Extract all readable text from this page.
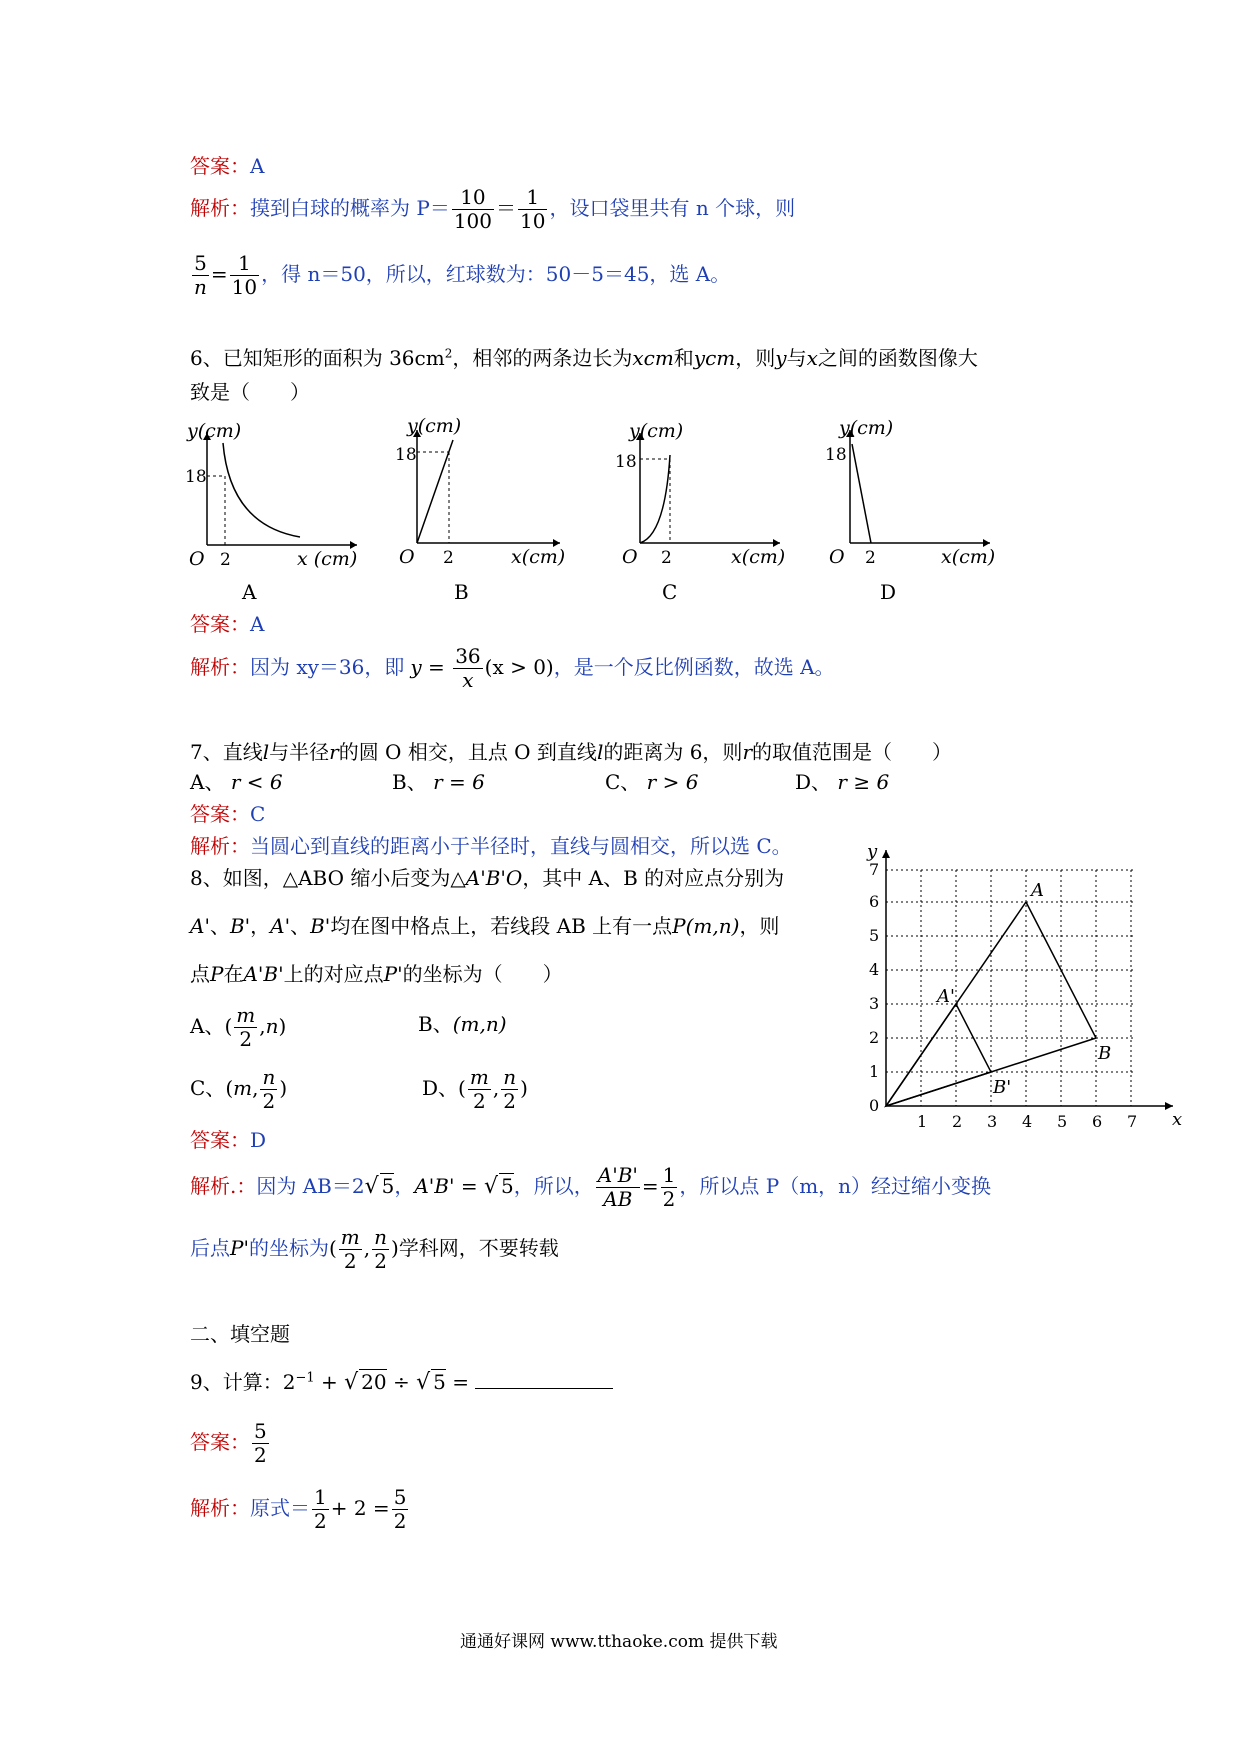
答案：A
解析：摸到白球的概率为 $P= \frac{10}{100} = \frac{1}{10}$ ，设口袋里共有 n 个球，则
$\frac{5}{n} = \frac{1}{10}$ ，得 n＝50，所以，红球数为：50－5＝45，选 A。
6、已知矩形的面积为 $36cm^2$，相邻的两条边长为xcm和ycm，则y与x之间的函数图像大
致是（　　）
y(cm)
18
O 2	x (cm)
A
y(cm)
18
O 2	x(cm)
B
y(cm)
18
O 2	x(cm)
C
y(cm)
18
O 2	x(cm)
D
答案：A
解析：因为 xy＝36，即 $y = \frac{36}{x} (x > 0)$，是一个反比例函数，故选 A。
7、直线l与半径r的圆 O 相交，且点 O 到直线l的距离为 6，则r的取值范围是（　　）
A、 r < 6	B、 r = 6	C、 r > 6	D、 r ≥ 6
答案：C
解析：当圆心到直线的距离小于半径时，直线与圆相交，所以选 C。
8、如图，△ABO 缩小后变为△A'B'O，其中 A、B 的对应点分别为
A'、B'，A'、B'均在图中格点上，若线段 AB 上有一点P(m,n)，则
点P在A'B'上的对应点P'的坐标为（　　）
A、( $\frac{m}{2} ,n$)	B、(m,n)
C、(m, $\frac{n}{2}$ )	D、( $\frac{m}{2}$ , $\frac{n}{2}$ )
y
x
0
1 2 3 4 5 6 7
1
2
3
4
5
6
7
A
B
A'
B'
答案：D
解析.：因为 AB＝2√ 5，A'B' = √ 5，所以， $\frac{A'B'}{AB} = \frac{1}{2}$ ，所以点 P（m，n）经过缩小变换
后点P'的坐标为( $\frac{m}{2}$ , $\frac{n}{2}$ )学科网，不要转载
二、填空题
9、计算：$2^{-1}$ + √ 20 ÷ √ 5 =
答案： $\frac{5}{2}$
解析：原式＝ $\frac{1}{2} + 2 = \frac{5}{2}$
通通好课网 www.tthaoke.com 提供下载
